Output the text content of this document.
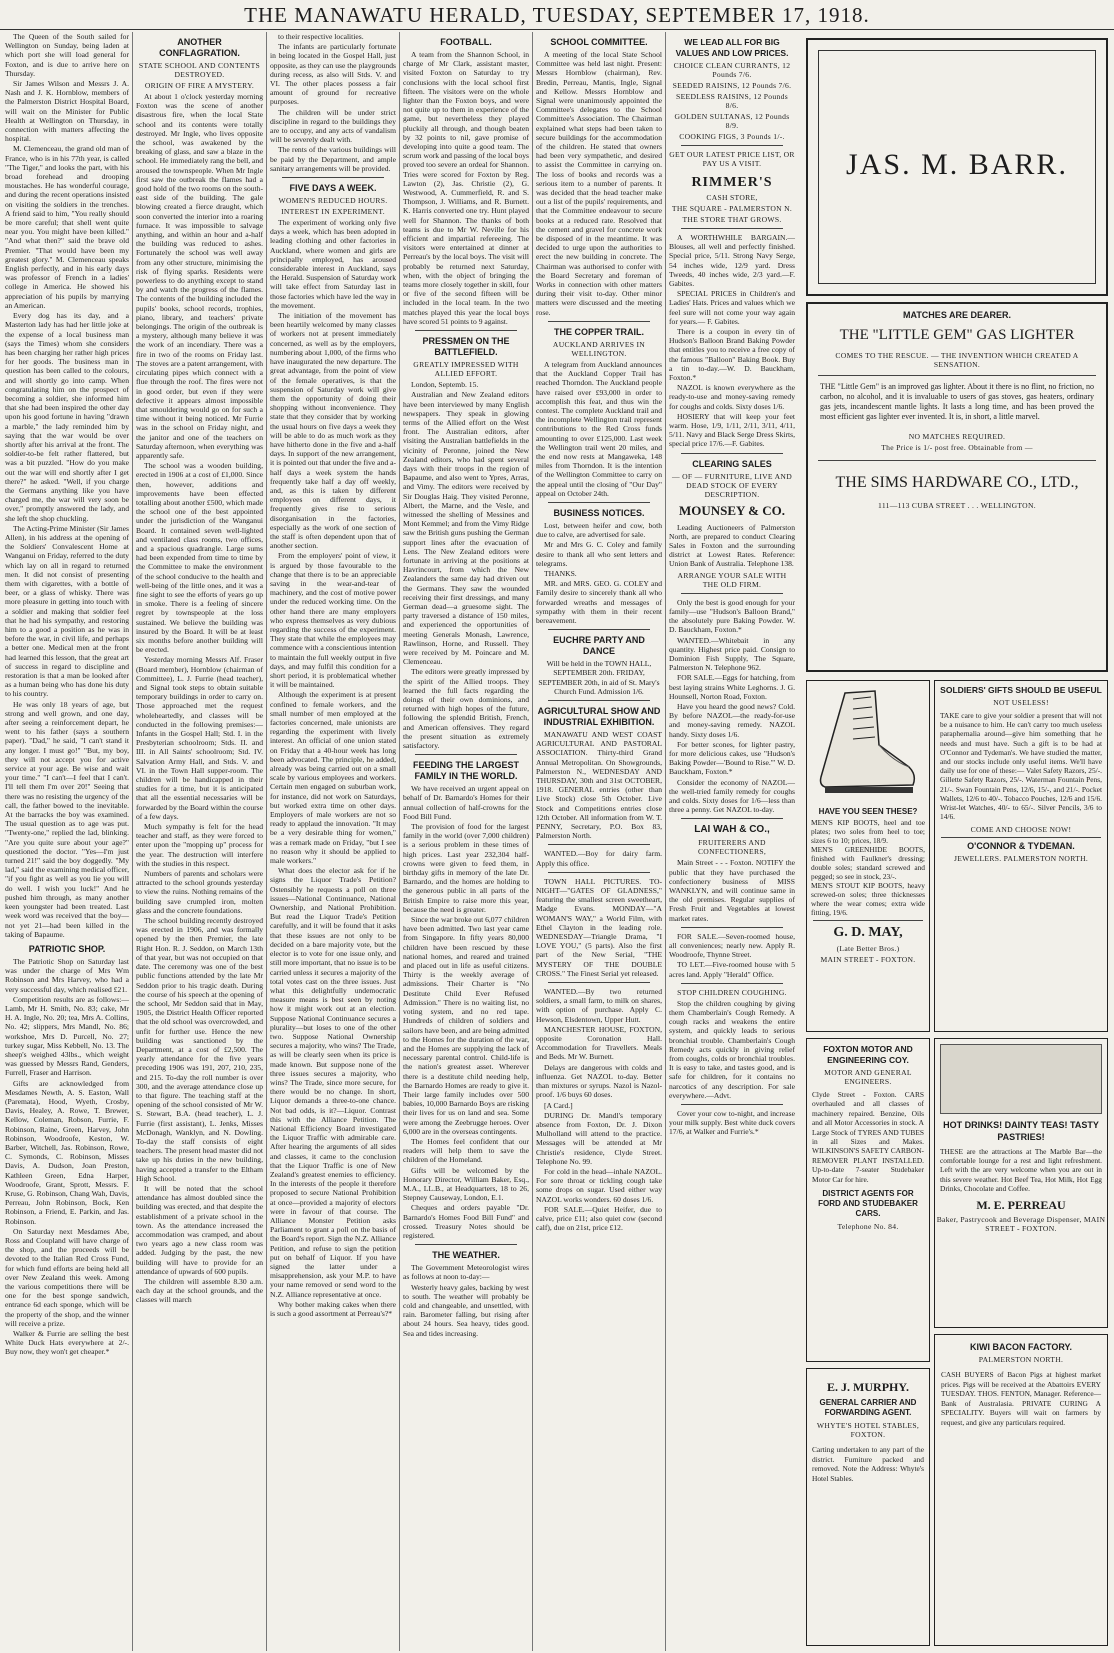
THE MANAWATU HERALD, TUESDAY, SEPTEMBER 17, 1918.

The Queen of the South sailed for Wellington on Sunday, being laden at which port she will load general for Foxton, and is due to arrive here on Thursday.

Sir James Wilson and Messrs J. A. Nash and J. K. Hornblow, members of the Palmerston District Hospital Board, will wait on the Minister for Public Health at Wellington on Thursday, in connection with matters affecting the hospital.

M. Clemenceau, the grand old man of France, who is in his 77th year, is called "The Tiger," and looks the part, with his broad forehead and drooping moustaches. He has wonderful courage, and during the recent operations insisted on visiting the soldiers in the trenches. A friend said to him, "You really should be more careful; that shell went quite near you. You might have been killed." "And what then?" said the brave old Premier. "That would have been my greatest glory." M. Clemenceau speaks English perfectly, and in his early days was professor of French in a ladies' college in America. He showed his appreciation of his pupils by marrying an American.

Every dog has its day, and a Masterton lady has had her little joke at the expense of a local business man (says the Times) whom she considers has been charging her rather high prices for her goods. The business man in question has been called to the colours, and will shortly go into camp. When congratulating him on the prospect of becoming a soldier, she informed him that she had been inspired the other day upon his good fortune in having "drawn a marble," the lady reminded him by saying that the war would be over shortly after his arrival at the front. The soldier-to-be felt rather flattered, but was a bit puzzled. "How do you make out the war will end shortly after I get there?" he asked. "Well, if you charge the Germans anything like you have charged me, the war will very soon be over," promptly answered the lady, and she left the shop chuckling.

The Acting-Prime Minister (Sir James Allen), in his address at the opening of the Soldiers' Convalescent Home at Wanganui on Friday, referred to the duty which lay on all in regard to returned men. It did not consist of presenting them with cigarettes, with a bottle of beer, or a glass of whisky. There was more pleasure in getting into touch with a soldier and making that soldier feel that he had his sympathy, and restoring him to a good a position as he was in before the war, in civil life, and perhaps a better one. Medical men at the front had learned this lesson, that the great art of success in regard to discipline and restoration is that a man be looked after as a human being who has done his duty to his country.

He was only 18 years of age, but strong and well grown, and one day, after seeing a reinforcement depart, he went to his father (says a southern paper). "Dad," he said, "I can't stand it any longer. I must go!" "But, my boy, they will not accept you for active service at your age. Be wise and wait your time." "I can't—I feel that I can't. I'll tell them I'm over 20!" Seeing that there was no resisting the urgency of the call, the father bowed to the inevitable. At the barracks the boy was examined. The usual question as to age was put. "Twenty-one," replied the lad, blinking. "Are you quite sure about your age?" questioned the doctor. "Yes—I'm just turned 21!" said the boy doggedly. "My lad," said the examining medical officer, "if you fight as well as you lie you will do well. I wish you luck!" And he pushed him through, as many another keen youngster had been treated. Last week word was received that the boy—not yet 21—had been killed in the taking of Bapaume.

PATRIOTIC SHOP.

The Patriotic Shop on Saturday last was under the charge of Mrs Wm Robinson and Mrs Harvey, who had a very successful day, which realised £21.

Competition results are as follows:—Lamb, Mr H. Smith, No. 83; cake, Mr H. A. Ingle, No. 20; tea, Mrs A. Collins, No. 42; slippers, Mrs Mandl, No. 86; workshoe, Mrs D. Purcell, No. 27; turkey sugar, Miss Kebbell, No. 13. The sheep's weighed 43lbs., which weight was guessed by Messrs Rand, Genders, Furrell, Fraser and Harrison.

Gifts are acknowledged from Mesdames Newth, A. S. Easton, Wall (Paremata), Hood, Wyeth, Crosby, Davis, Healey, A. Rowe, T. Brewer, Kellow, Coleman, Robson, Furrie, F. Robinson, Raine, Green, Harvey, John Robinson, Woodroofe, Keston, W. Barber, Witchell, Jas. Robinson, Rowe, C. Symonds, C. Robinson, Misses Davis, A. Dudson, Joan Preston, Kathleen Green, Edna Harper, Woodroofe, Grant, Sprott, Messrs. F. Kruse, G. Robinson, Chang Wah, Davis, Perreau, John Robinson, Bock, Ken Robinson, a Friend, E. Parkin, and Jas. Robinson.

On Saturday next Mesdames Abe, Ross and Coupland will have charge of the shop, and the proceeds will be devoted to the Italian Red Cross Fund, for which fund efforts are being held all over New Zealand this week. Among the various competitions there will be one for the best sponge sandwich, entrance 6d each sponge, which will be the property of the shop, and the winner will receive a prize.

Walker & Furrie are selling the best White Duck Hats everywhere at 2/-. Buy now, they won't get cheaper.*

ANOTHER CONFLAGRATION.
STATE SCHOOL AND CONTENTS DESTROYED.
ORIGIN OF FIRE A MYSTERY.

At about 1 o'clock yesterday morning Foxton was the scene of another disastrous fire, when the local State school and its contents were totally destroyed. Mr Ingle, who lives opposite the school, was awakened by the breaking of glass, and saw a blaze in the school. He immediately rang the bell, and aroused the townspeople. When Mr Ingle first saw the outbreak the flames had a good hold of the two rooms on the south-east side of the building. The gale blowing created a fierce draught, which soon converted the interior into a roaring furnace. It was impossible to salvage anything, and within an hour and a-half the building was reduced to ashes. Fortunately the school was well away from any other structure, minimising the risk of flying sparks. Residents were powerless to do anything except to stand by and watch the progress of the flames. The contents of the building included the pupils' books, school records, trophies, piano, library, and teachers' private belongings. The origin of the outbreak is a mystery, although many believe it was the work of an incendiary. There was a fire in two of the rooms on Friday last. The stoves are a patent arrangement, with circulating pipes which connect with a flue through the roof. The fires were not in good order, but even if they were defective it appears almost impossible that smouldering would go on for such a time without it being noticed. Mr Furrie was in the school on Friday night, and the janitor and one of the teachers on Saturday afternoon, when everything was apparently safe.

The school was a wooden building, erected in 1906 at a cost of £1,000. Since then, however, additions and improvements have been effected totalling about another £500, which made the school one of the best appointed under the jurisdiction of the Wanganui Board. It contained seven well-lighted and ventilated class rooms, two offices, and a spacious quadrangle. Large sums had been expended from time to time by the Committee to make the environment of the school conducive to the health and well-being of the little ones, and it was a fine sight to see the efforts of years go up in smoke. There is a feeling of sincere regret by townspeople at the loss sustained. We believe the building was insured by the Board. It will be at least six months before another building will be erected.

Yesterday morning Messrs Alf. Fraser (Board member), Hornblow (chairman of Committee), L. J. Furrie (head teacher), and Signal took steps to obtain suitable temporary buildings in order to carry on. Those approached met the request wholeheartedly, and classes will be conducted in the following premises:—Infants in the Gospel Hall; Std. I. in the Presbyterian schoolroom; Stds. II. and III. in All Saints' schoolroom; Std. IV. Salvation Army Hall, and Stds. V. and VI. in the Town Hall supper-room. The children will be handicapped in their studies for a time, but it is anticipated that all the essential necessaries will be forwarded by the Board within the course of a few days.

Much sympathy is felt for the head teacher and staff, as they were forced to enter upon the "mopping up" process for the year. The destruction will interfere with the studies in this respect.

Numbers of parents and scholars were attracted to the school grounds yesterday to view the ruins. Nothing remains of the building save crumpled iron, molten glass and the concrete foundations.

The school building recently destroyed was erected in 1906, and was formally opened by the then Premier, the late Right Hon. R. J. Seddon, on March 13th of that year, but was not occupied on that date. The ceremony was one of the best public functions attended by the late Mr Seddon prior to his tragic death. During the course of his speech at the opening of the school, Mr Seddon said that in May, 1905, the District Health Officer reported that the old school was overcrowded, and unfit for further use. Hence the new building was sanctioned by the Department, at a cost of £2,500. The yearly attendance for the five years preceding 1906 was 191, 207, 210, 235, and 215. To-day the roll number is over 300, and the average attendance close up to that figure. The teaching staff at the opening of the school consisted of Mr W. S. Stewart, B.A. (head teacher), L. J. Furrie (first assistant), L. Jenks, Misses McDonagh, Wanklyn, and N. Dowling. To-day the staff consists of eight teachers. The present head master did not take up his duties in the new building, having accepted a transfer to the Eltham High School.

It will be noted that the school attendance has almost doubled since the building was erected, and that despite the establishment of a private school in the town. As the attendance increased the accommodation was cramped, and about two years ago a new class room was added. Judging by the past, the new building will have to provide for an attendance of upwards of 600 pupils.

The children will assemble 8.30 a.m. each day at the school grounds, and the classes will march

to their respective localities.

The infants are particularly fortunate in being located in the Gospel Hall, just opposite, as they can use the playgrounds during recess, as also will Stds. V. and VI. The other places possess a fair amount of ground for recreative purposes.

The children will be under strict discipline in regard to the buildings they are to occupy, and any acts of vandalism will be severely dealt with.

The rents of the various buildings will be paid by the Department, and ample sanitary arrangements will be provided.

FIVE DAYS A WEEK.
WOMEN'S REDUCED HOURS.
INTEREST IN EXPERIMENT.

The experiment of working only five days a week, which has been adopted in leading clothing and other factories in Auckland, where women and girls are principally employed, has aroused considerable interest in Auckland, says the Herald. Suspension of Saturday work will take effect from Saturday last in those factories which have led the way in the movement.

The initiation of the movement has been heartily welcomed by many classes of workers not at present immediately concerned, as well as by the employers, numbering about 1,000, of the firms who have inaugurated the new departure. The great advantage, from the point of view of the female operatives, is that the suspension of Saturday work will give them the opportunity of doing their shopping without inconvenience. They state that they consider that by working the usual hours on five days a week they will be able to do as much work as they have hitherto done in the five and a-half days. In support of the new arrangement, it is pointed out that under the five and a-half days a week system the hands frequently take half a day off weekly, and, as this is taken by different employees on different days, it frequently gives rise to serious disorganisation in the factories, especially as the work of one section of the staff is often dependent upon that of another section.

From the employers' point of view, it is argued by those favourable to the change that there is to be an appreciable saving in the wear-and-tear of machinery, and the cost of motive power under the reduced working time. On the other hand there are many employers who express themselves as very dubious regarding the success of the experiment. They state that while the employees may commence with a conscientious intention to maintain the full weekly output in five days, and may fulfil this condition for a short period, it is problematical whether it will be maintained.

Although the experiment is at present confined to female workers, and the small number of men employed at the factories concerned, male unionists are regarding the experiment with lively interest. An official of one union stated on Friday that a 40-hour week has long been advocated. The principle, he added, already was being carried out on a small scale by various employees and workers. Certain men engaged on suburban work, for instance, did not work on Saturdays, but worked extra time on other days. Employers of male workers are not so ready to applaud the innovation. "It may be a very desirable thing for women," was a remark made on Friday, "but I see no reason why it should be applied to male workers."

What does the elector ask for if he signs the Liquor Trade's Petition? Ostensibly he requests a poll on three issues—National Continuance, National Ownership, and National Prohibition. But read the Liquor Trade's Petition carefully, and it will be found that it asks that these issues are not only to be decided on a bare majority vote, but the elector is to vote for one issue only, and still more important, that no issue is to be carried unless it secures a majority of the total votes cast on the three issues. Just what this delightfully undemocratic measure means is best seen by noting how it might work out at an election. Suppose National Continuance secures a plurality—but loses to one of the other two. Suppose National Ownership secures a majority, who wins? The Trade, as will be clearly seen when its price is made known. But suppose none of the three issues secures a majority, who wins? The Trade, since more secure, for there would be no change. In short, Liquor demands a three-to-one chance. Not bad odds, is it?—Liquor. Contrast this with the Alliance Petition. The National Efficiency Board investigated the Liquor Traffic with admirable care. After hearing the arguments of all sides and classes, it came to the conclusion that the Liquor Traffic is one of New Zealand's greatest enemies to efficiency. In the interests of the people it therefore proposed to secure National Prohibition at once—provided a majority of electors were in favour of that course. The Alliance Monster Petition asks Parliament to grant a poll on the basis of the Board's report. Sign the N.Z. Alliance Petition, and refuse to sign the petition put on behalf of Liquor. If you have signed the latter under a misapprehension, ask your M.P. to have your name removed or send word to the N.Z. Alliance representative at once.

Why bother making cakes when there is such a good assortment at Perreau's?*

FOOTBALL.

A team from the Shannon School, in charge of Mr Clark, assistant master, visited Foxton on Saturday to try conclusions with the local school first fifteen. The visitors were on the whole lighter than the Foxton boys, and were not quite up to them in experience of the game, but nevertheless they played pluckily all through, and though beaten by 32 points to nil, gave promise of developing into quite a good team. The scrum work and passing of the local boys proved too severe an ordeal for Shannon. Tries were scored for Foxton by Reg. Lawton (2), Jas. Christie (2), G. Westwood, A. Cummerfield, R. and S. Thompson, J. Williams, and R. Burnett. K. Harris converted one try. Hunt played well for Shannon. The thanks of both teams is due to Mr W. Neville for his efficient and impartial refereeing. The visitors were entertained at dinner at Perreau's by the local boys. The visit will probably be returned next Saturday, when, with the object of bringing the teams more closely together in skill, four or five of the second fifteen will be included in the local team. In the two matches played this year the local boys have scored 51 points to 9 against.

PRESSMEN ON THE BATTLEFIELD.
GREATLY IMPRESSED WITH ALLIED EFFORT.

London, Septemb. 15.

Australian and New Zealand editors have been interviewed by many English newspapers. They speak in glowing terms of the Allied effort on the West front. The Australian editors, after visiting the Australian battlefields in the vicinity of Peronne, joined the New Zealand editors, who had spent several days with their troops in the region of Bapaume, and also went to Ypres, Arras, and Vimy. The editors were received by Sir Douglas Haig. They visited Peronne, Albert, the Marne, and the Vesle, and witnessed the shelling of Messines and Mont Kemmel; and from the Vimy Ridge saw the British guns pushing the German support lines after the evacuation of Lens. The New Zealand editors were fortunate in arriving at the positions at Havrincourt, from which the New Zealanders the same day had driven out the Germans. They saw the wounded receiving their first dressings, and many German dead—a gruesome sight. The party traversed a distance of 150 miles, and experienced the opportunities of meeting Generals Monash, Lawrence, Rawlinson, Horne, and Russell. They were received by M. Poincare and M. Clemenceau.

The editors were greatly impressed by the spirit of the Allied troops. They learned the full facts regarding the doings of their own dominions, and returned with high hopes of the future, following the splendid British, French, and American offensives. They regard the present situation as extremely satisfactory.

FEEDING THE LARGEST FAMILY IN THE WORLD.

We have received an urgent appeal on behalf of Dr. Barnardo's Homes for their annual collection of half-crowns for the Food Bill Fund.

The provision of food for the largest family in the world (over 7,000 children) is a serious problem in these times of high prices. Last year 232,304 half-crowns were given to feed them, in birthday gifts in memory of the late Dr. Barnardo, and the homes are holding to the generous public in all parts of the British Empire to raise more this year, because the need is greater.

Since the war broke out 6,077 children have been admitted. Two last year came from Singapore. In fifty years 80,000 children have been rescued by these national homes, and reared and trained and placed out in life as useful citizens. Thirty is the weekly average of admissions. Their Charter is "No Destitute Child Ever Refused Admission." There is no waiting list, no voting system, and no red tape. Hundreds of children of soldiers and sailors have been, and are being admitted to the Homes for the duration of the war, and the Homes are supplying the lack of necessary parental control. Child-life is the nation's greatest asset. Wherever there is a destitute child needing help, the Barnardo Homes are ready to give it. Their large family includes over 500 babies, 10,000 Barnardo Boys are risking their lives for us on land and sea. Some were among the Zeebrugge heroes. Over 6,000 are in the overseas contingents.

The Homes feel confident that our readers will help them to save the children of the Homeland.

Gifts will be welcomed by the Honorary Director, William Baker, Esq., M.A., LL.B., at Headquarters, 18 to 26, Stepney Causeway, London, E.1.

Cheques and orders payable "Dr. Barnardo's Homes Food Bill Fund" and crossed. Treasury Notes should be registered.

THE WEATHER.

The Government Meteorologist wires as follows at noon to-day:—

Westerly heavy gales, backing by west to south. The weather will probably be cold and changeable, and unsettled, with rain. Barometer falling, but rising after about 24 hours. Sea heavy, tides good. Sea and tides increasing.

SCHOOL COMMITTEE.

A meeting of the local State School Committee was held last night. Present: Messrs Hornblow (chairman), Rev. Bredin, Perreau, Mantis, Ingle, Signal and Kellow. Messrs Hornblow and Signal were unanimously appointed the Committee's delegates to the School Committee's Association. The Chairman explained what steps had been taken to secure buildings for the accommodation of the children. He stated that owners had been very sympathetic, and desired to assist the Committee in carrying on. The loss of books and records was a serious item to a number of parents. It was decided that the head teacher make out a list of the pupils' requirements, and that the Committee endeavour to secure books at a reduced rate. Resolved that the cement and gravel for concrete work be disposed of in the meantime. It was decided to urge upon the authorities to erect the new building in concrete. The Chairman was authorised to confer with the Board Secretary and foreman of Works in connection with other matters during their visit to-day. Other minor matters were discussed and the meeting rose.

THE COPPER TRAIL.
AUCKLAND ARRIVES IN WELLINGTON.

A telegram from Auckland announces that the Auckland Copper Trail has reached Thorndon. The Auckland people have raised over £93,000 in order to accomplish this feat, and thus win the contest. The complete Auckland trail and the incomplete Wellington trail represent contributions to the Red Cross funds amounting to over £125,000. Last week the Wellington trail went 20 miles, and the end now rests at Mangaweka, 148 miles from Thorndon. It is the intention of the Wellington Committee to carry on the appeal until the closing of "Our Day" appeal on October 24th.

BUSINESS NOTICES.

Lost, between heifer and cow, both due to calve, are advertised for sale.

Mr and Mrs G. C. Coley and family desire to thank all who sent letters and telegrams.

THANKS.

MR. and MRS. GEO. G. COLEY and Family desire to sincerely thank all who forwarded wreaths and messages of sympathy with them in their recent bereavement.

EUCHRE PARTY AND DANCE

Will be held in the TOWN HALL, SEPTEMBER 20th. FRIDAY, SEPTEMBER 20th, in aid of St. Mary's Church Fund. Admission 1/6.

AGRICULTURAL SHOW AND INDUSTRIAL EXHIBITION.

MANAWATU AND WEST COAST AGRICULTURAL AND PASTORAL ASSOCIATION. Thirty-third Grand Annual Metropolitan. On Showgrounds, Palmerston N., WEDNESDAY AND THURSDAY, 30th and 31st OCTOBER, 1918. GENERAL entries (other than Live Stock) close 5th October. Live Stock and Competitions entries close 12th October. All information from W. T. PENNY, Secretary, P.O. Box 83, Palmerston North.

WANTED.—Boy for dairy farm. Apply this office.

TOWN HALL PICTURES. TO-NIGHT—"GATES OF GLADNESS," featuring the smallest screen sweetheart, Madge Evans. MONDAY—"A WOMAN'S WAY," a World Film, with Ethel Clayton in the leading role. WEDNESDAY—Triangle Drama, "I LOVE YOU," (5 parts). Also the first part of the New Serial, "THE MYSTERY OF THE DOUBLE CROSS." The Finest Serial yet released.

WANTED.—By two returned soldiers, a small farm, to milk on shares, with option of purchase. Apply C. Hewson, Elsdentown, Upper Hutt.

MANCHESTER HOUSE, FOXTON, opposite Coronation Hall. Accommodation for Travellers. Meals and Beds. Mr W. Burnett.

Delays are dangerous with colds and influenza. Get NAZOL to-day. Better than mixtures or syrups. Nazol is Nazol-proof. 1/6 buys 60 doses.

[A Card.]

DURING Dr. Mandl's temporary absence from Foxton, Dr. J. Dixon Mulholland will attend to the practice. Messages will be attended at Mr Christie's residence, Clyde Street. Telephone No. 99.

For cold in the head—inhale NAZOL. For sore throat or tickling cough take some drops on sugar. Used either way NAZOL works wonders. 60 doses 1/6.

FOR SALE.—Quiet Heifer, due to calve, price £11; also quiet cow (second calf), due on 21st, price £12.

WE LEAD ALL FOR BIG VALUES AND LOW PRICES.
CHOICE CLEAN CURRANTS, 12 Pounds 7/6.
SEEDED RAISINS, 12 Pounds 7/6.
SEEDLESS RAISINS, 12 Pounds 8/6.
GOLDEN SULTANAS, 12 Pounds 8/9.
COOKING FIGS, 3 Pounds 1/-.
GET OUR LATEST PRICE LIST, OR PAY US A VISIT.
RIMMER'S
CASH STORE,
THE SQUARE - PALMERSTON N.
THE STORE THAT GROWS.

A WORTHWHILE BARGAIN.— Blouses, all well and perfectly finished. Special price, 5/11. Strong Navy Serge, 54 inches wide, 12/9 yard. Dress Tweeds, 40 inches wide, 2/3 yard.—F. Gabites.

SPECIAL PRICES in Children's and Ladies' Hats. Prices and values which we feel sure will not come your way again for years.— F. Gabites.

There is a coupon in every tin of Hudson's Balloon Brand Baking Powder that entitles you to receive a free copy of the famous "Balloon" Baking Book. Buy a tin to-day.—W. D. Bauckham, Foxton.*

NAZOL is known everywhere as the ready-to-use and money-saving remedy for coughs and colds. Sixty doses 1/6.

HOSIERY that will keep your feet warm. Hose, 1/9, 1/11, 2/11, 3/11, 4/11, 5/11. Navy and Black Serge Dress Skirts, special price 17/6.—F. Gabites.

CLEARING SALES
— OF — FURNITURE, LIVE AND DEAD STOCK OF EVERY DESCRIPTION.
MOUNSEY & CO.

Leading Auctioneers of Palmerston North, are prepared to conduct Clearing Sales in Foxton and the surrounding district at Lowest Rates. Reference: Union Bank of Australia. Telephone 138.

ARRANGE YOUR SALE WITH THE OLD FIRM.

Only the best is good enough for your family—use "Hudson's Balloon Brand," the absolutely pure Baking Powder. W. D. Bauckham, Foxton.*

WANTED.—Whitebait in any quantity. Highest price paid. Consign to Dominion Fish Supply, The Square, Palmerston N. Telephone 962.

FOR SALE.—Eggs for hatching, from best laying strains White Leghorns. J. G. Hounsell, Norton Road, Foxton.

Have you heard the good news? Cold. By before NAZOL—the ready-for-use and money-saving remedy. NAZOL handy. Sixty doses 1/6.

For better scones, for lighter pastry, for more delicious cakes, use "Hudson's Baking Powder—'Bound to Rise.'" W. D. Bauckham, Foxton.*

Consider the economy of NAZOL—the well-tried family remedy for coughs and colds. Sixty doses for 1/6—less than three a penny. Get NAZOL to-day.

LAI WAH & CO.,
FRUITERERS AND CONFECTIONERS,

Main Street - - - Foxton. NOTIFY the public that they have purchased the confectionery business of MISS WANKLYN, and will continue same in the old premises. Regular supplies of Fresh Fruit and Vegetables at lowest market rates.

FOR SALE.—Seven-roomed house, all conveniences; nearly new. Apply R. Woodroofe, Thynne Street.

TO LET.—Five-roomed house with 5 acres land. Apply "Herald" Office.

STOP CHILDREN COUGHING.

Stop the children coughing by giving them Chamberlain's Cough Remedy. A cough racks and weakens the entire system, and quickly leads to serious bronchial trouble. Chamberlain's Cough Remedy acts quickly in giving relief from coughs, colds or bronchial troubles. It is easy to take, and tastes good, and is safe for children, for it contains no narcotics of any description. For sale everywhere.—Advt.

Cover your cow to-night, and increase your milk supply. Best white duck covers 17/6, at Walker and Furrie's.*

JAS. M. BARR.
MATCHES ARE DEARER.
THE "LITTLE GEM" GAS LIGHTER
COMES TO THE RESCUE. — THE INVENTION WHICH CREATED A SENSATION.

THE "Little Gem" is an improved gas lighter. About it there is no flint, no friction, no carbon, no alcohol, and it is invaluable to users of gas stoves, gas heaters, ordinary gas jets, incandescent mantle lights. It lasts a long time, and has been proved the most efficient gas lighter ever invented. It is, in short, a little marvel.

NO MATCHES REQUIRED.
The Price is 1/- post free. Obtainable from —
THE SIMS HARDWARE CO., LTD.,
111—113 CUBA STREET . . . WELLINGTON.
HAVE YOU SEEN THESE?

MEN'S KIP BOOTS, heel and toe plates; two soles from heel to toe; sizes 6 to 10; prices, 18/9.

MEN'S GREENHIDE BOOTS, finished with Faulkner's dressing; double soles; standard screwed and pegged; so see in stock, 23/-.

MEN'S STOUT KIP BOOTS, heavy screwed-on soles; three thicknesses where the wear comes; extra wide fitting, 19/6.

G. D. MAY,
(Late Better Bros.)
MAIN STREET - FOXTON.
SOLDIERS' GIFTS SHOULD BE USEFUL
NOT USELESS!

TAKE care to give your soldier a present that will not be a nuisance to him. He can't carry too much useless paraphernalia around—give him something that he needs and must have. Such a gift is to be had at O'Connor and Tydeman's. We have studied the matter, and our stocks include only useful items. We'll have daily use for one of these:— Valet Safety Razors, 25/-. Gillette Safety Razors, 25/-. Waterman Fountain Pens, 21/-. Swan Fountain Pens, 12/6, 15/-, and 21/-. Pocket Wallets, 12/6 to 40/-. Tobacco Pouches, 12/6 and 15/6. Wrist-let Watches, 40/- to 65/-. Silver Pencils, 3/6 to 14/6.

COME AND CHOOSE NOW!
O'CONNOR & TYDEMAN.
JEWELLERS. PALMERSTON NORTH.
FOXTON MOTOR AND ENGINEERING COY.
MOTOR AND GENERAL ENGINEERS.

Clyde Street - Foxton. CARS overhauled and all classes of machinery repaired. Benzine, Oils and all Motor Accessories in stock. A Large Stock of TYRES AND TUBES in all Sizes and Makes. WILKINSON'S SAFETY CARBON-REMOVER PLANT INSTALLED. Up-to-date 7-seater Studebaker Motor Car for hire.

DISTRICT AGENTS FOR FORD AND STUDEBAKER CARS.
Telephone No. 84.
HOT DRINKS! DAINTY TEAS! TASTY PASTRIES!

THESE are the attractions at The Marble Bar—the comfortable lounge for a rest and light refreshment. Left with the are very welcome when you are out in this severe weather. Hot Beef Tea, Hot Milk, Hot Egg Drinks, Chocolate and Coffee.

M. E. PERREAU
Baker, Pastrycook and Beverage Dispenser, MAIN STREET - FOXTON.
E. J. MURPHY.
GENERAL CARRIER AND FORWARDING AGENT.
WHYTE'S HOTEL STABLES, FOXTON.

Carting undertaken to any part of the district. Furniture packed and removed. Note the Address: Whyte's Hotel Stables.

KIWI BACON FACTORY.
PALMERSTON NORTH.

CASH BUYERS of Bacon Pigs at highest market prices. Pigs will be received at the Abattoirs EVERY TUESDAY. THOS. FENTON, Manager. Reference—Bank of Australasia. PRIVATE CURING A SPECIALITY. Buyers will wait on farmers by request, and give any particulars required.
